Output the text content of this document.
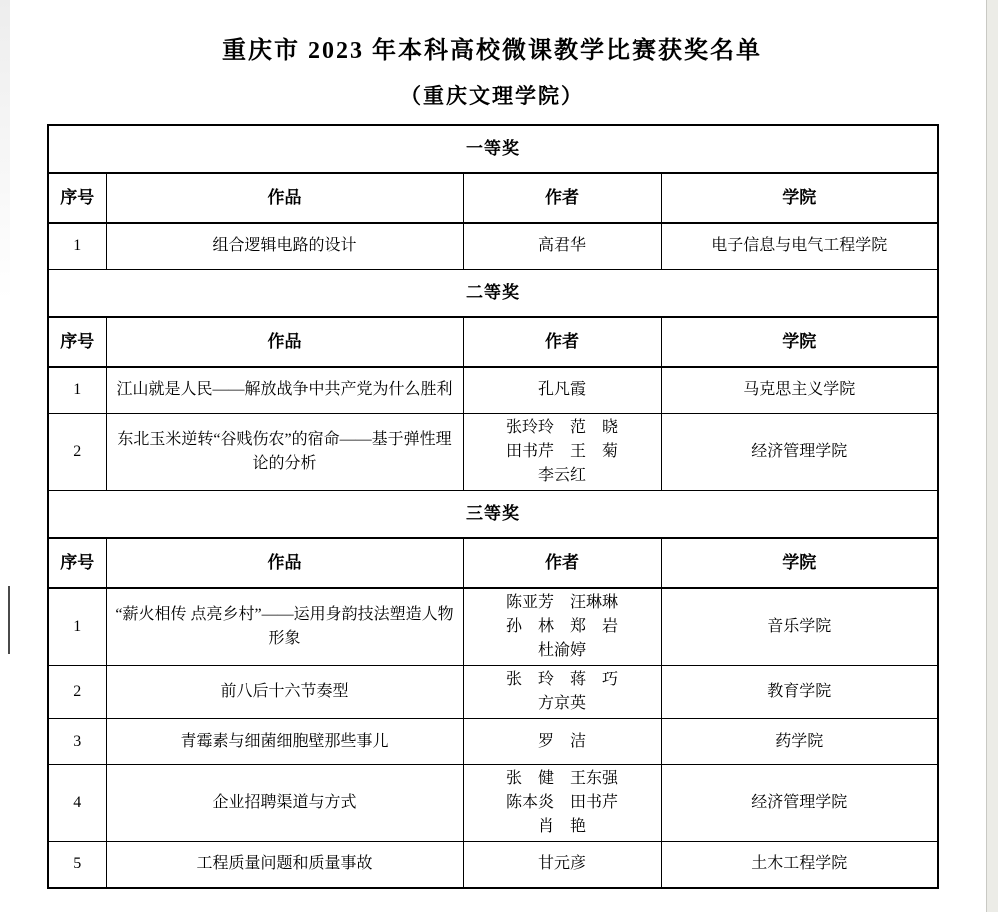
重庆市 2023 年本科高校微课教学比赛获奖名单
（重庆文理学院）
一等奖			
序号	作品	作者	学院
1	组合逻辑电路的设计	高君华	电子信息与电气工程学院
二等奖			
序号	作品	作者	学院
1	江山就是人民——解放战争中共产党为什么胜利	孔凡霞	马克思主义学院
2	东北玉米逆转“谷贱伤农”的宿命——基于弹性理论的分析	张玲玲　范　晓
田书芹　王　菊
李云红	经济管理学院
三等奖			
序号	作品	作者	学院
1	“薪火相传 点亮乡村”——运用身韵技法塑造人物形象	陈亚芳　汪琳琳
孙　林　郑　岩
杜渝婷	音乐学院
2	前八后十六节奏型	张　玲　蒋　巧
方京英	教育学院
3	青霉素与细菌细胞壁那些事儿	罗　洁	药学院
4	企业招聘渠道与方式	张　健　王东强
陈本炎　田书芹
肖　艳	经济管理学院
5	工程质量问题和质量事故	甘元彦	土木工程学院
